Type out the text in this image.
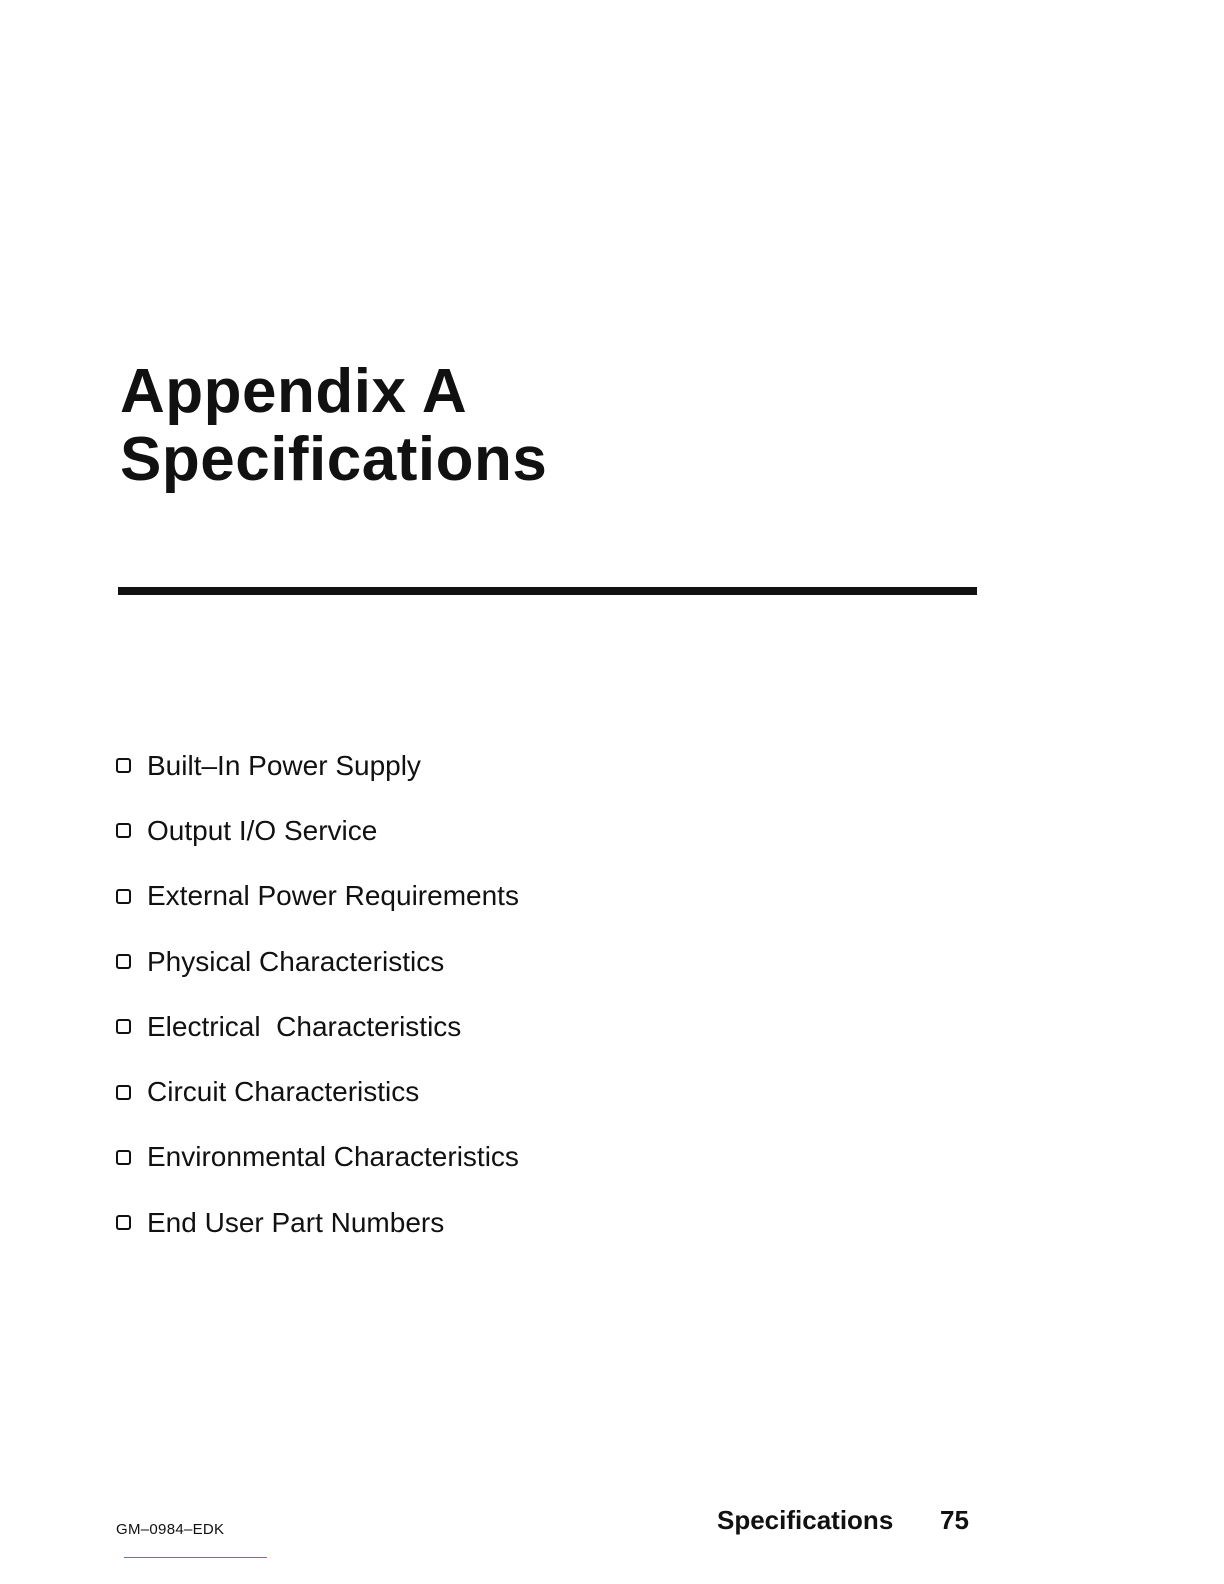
Appendix A
Specifications
Built–In Power Supply
Output I/O Service
External Power Requirements
Physical Characteristics
Electrical  Characteristics
Circuit Characteristics
Environmental Characteristics
End User Part Numbers
GM–0984–EDK	Specifications 75
